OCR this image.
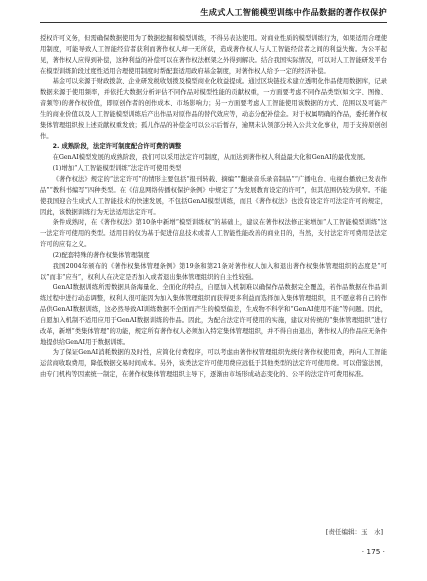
生成式人工智能模型训练中作品数据的著作权保护

授权许可义务，但需确保数据使用为了数据挖掘和模型训练，不得另表达使用。对商业性质的模型训练行为，如果适用合理使用制度，可能导致人工智能经营者获利而著作权人却一无所获，造成著作权人与人工智能经营者之间的利益失衡。为公平起见，著作权人应得到补偿，这种利益的补偿可以在著作权法框架之外得到解决。结合我国实际情况，可以对人工智能研发平台在模型训练阶段过度性适用合理使用制度时帮配套适用政府基金制度，对著作权人给予一定的经济补偿。

基金可以来源于财政拨款、企业研发税收划拨及模型商业化收益提成。通过区块链技术建立透明化作品使用数据库，记录数据来源于使用频率，并依托大数据分析评估不同作品对模型性能的贡献权重，一方面要考虑不同作品类型(如文字、图像、音频等)的著作权价值，即原创作者的创作成本、市场影响力；另一方面要考虑人工智能使用该数据的方式、范围以及可能产生的商业价值以及人工智能模型训练后产出作品对原作品的替代效应等，动态分配补偿金。对于权属明确的作品，委托著作权集体管理组织按上述贡献权重发放；孤儿作品的补偿金可以公示后暂存，逾期未认领部分转入公共文化事业，用于支持原创创作。

2. 成熟阶段，法定许可制度配合许可费的调整

在GenAI模型发展的成熟阶段，我们可以采用法定许可制度，从而达到著作权人利益最大化和GenAI的最优发展。

(1)增加“人工智能模型训练”法定许可使用类型

《著作权法》规定的“法定许可”的情形主要包括“报刊转载、摘编”“翻录音乐录音制品”“广播电台、电视台播放已发表作品”“教科书编写”四种类型。在《信息网络传播权保护条例》中规定了“为发展教育设定的许可”，但其范围仍较为狭窄。不能使我国迎合生成式人工智能技术的快速发展，不包括GenAI模型训练，而且《著作权法》也没有设定许可法定许可的规定，因此，该数据训练行为无法适用法定许可。

条件成熟时，在《著作权法》第10条中新增“模型训练权”的基础上，建议在著作权法修正案增加“人工智能模型训练”这一法定许可使用的类型。适用目的仅为基于促进信息技术或者人工智能性能改善的商业目的，当然，支付法定许可费用是法定许可的应有之义。

(2)配套特殊的著作权集体管理制度

我国2004年颁布的《著作权集体管理条例》第19条和第21条对著作权人加入和退出著作权集体管理组织的态度是“可以”而非“应当”，权利人在决定是否加入或者退出集体管理组织的自主性较强。

GenAI数据训练所需数据具备海量化、全面化的特点，自愿加入机制难以确保作品数据完全覆盖，若作品数据在作品训练过程中进行动态调整，权利人很可能因为加入集体管理组织而获得更多利益而选择加入集体管理组织，且不愿意将自己的作品供GenAI数据训练，这必然导致AI训练数据不全面而产生的模型偏差，生成物不科学和“GenAI使用不能”等问题。因此，自愿加入机制不适用应用于GenAI数据训练的作品。因此，为配合法定许可使用的实施，建议对传统的“集体管理组织”进行改革，新增“类集体管理”的功能，规定所有著作权人必须加入特定集体管理组织，并不得自由退出，著作权人的作品应无条件地提供给GenAI用于数据训练。

为了保证GenAI消耗数据的及时性，应简化付费程序，可以考虑由著作权管理组织先统付著作权使用费，再向人工智能运营商收取费用，降低数据交易时间成本。另外，该类法定许可使用费应远低于其他类型的法定许可使用费。可以借鉴法国，由专门机构等因素统一制定，在著作权集体管理组织主导下，逐渐由市场形成动态变化的、公平的法定许可费用标准。

[责任编辑：玉　水]
· 175 ·
